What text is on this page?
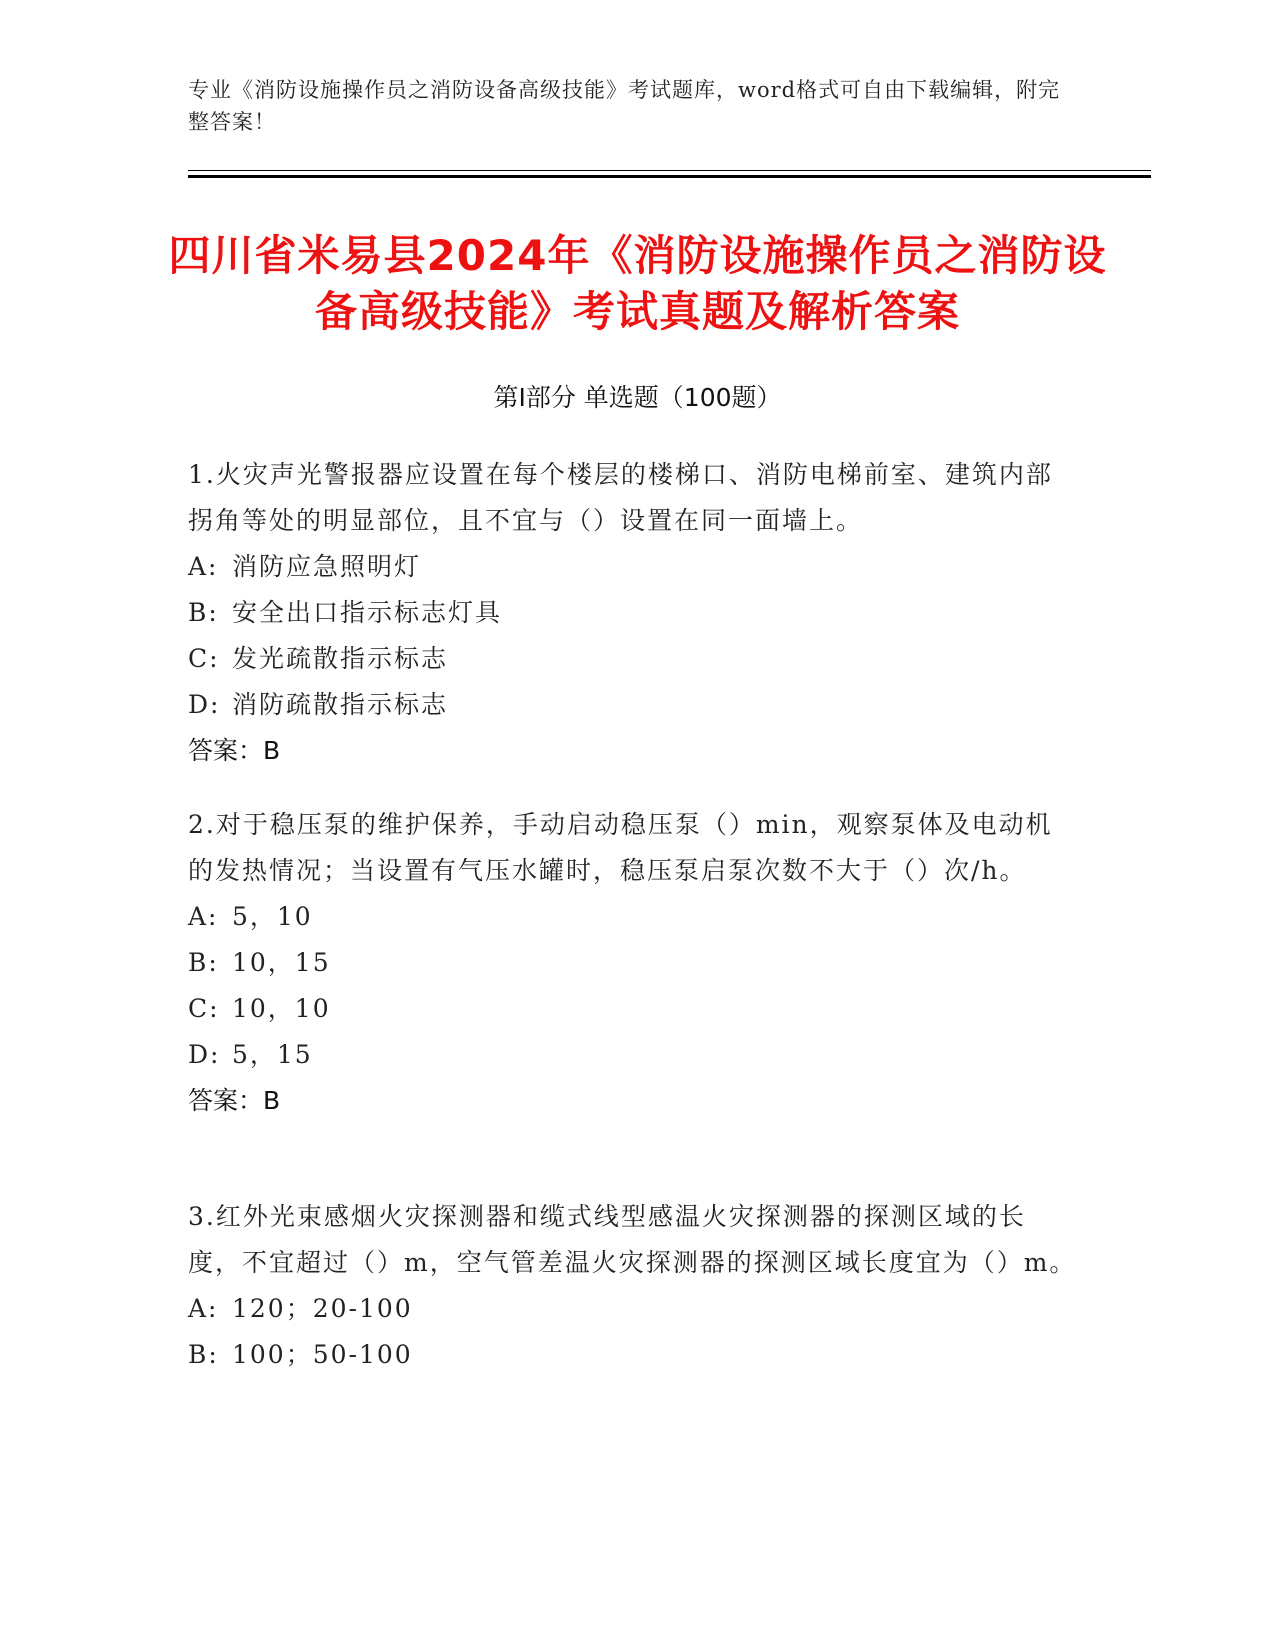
专业《消防设施操作员之消防设备高级技能》考试题库，word格式可自由下载编辑，附完整答案！
四川省米易县2024年《消防设施操作员之消防设备高级技能》考试真题及解析答案
第I部分 单选题（100题）
1.火灾声光警报器应设置在每个楼层的楼梯口、消防电梯前室、建筑内部拐角等处的明显部位，且不宜与（）设置在同一面墙上。
A: 消防应急照明灯
B: 安全出口指示标志灯具
C: 发光疏散指示标志
D: 消防疏散指示标志
答案：B
2.对于稳压泵的维护保养，手动启动稳压泵（）min，观察泵体及电动机的发热情况；当设置有气压水罐时，稳压泵启泵次数不大于（）次/h。
A: 5，10
B: 10，15
C: 10，10
D: 5，15
答案：B
3.红外光束感烟火灾探测器和缆式线型感温火灾探测器的探测区域的长度，不宜超过（）m，空气管差温火灾探测器的探测区域长度宜为（）m。
A: 120；20-100
B: 100；50-100
